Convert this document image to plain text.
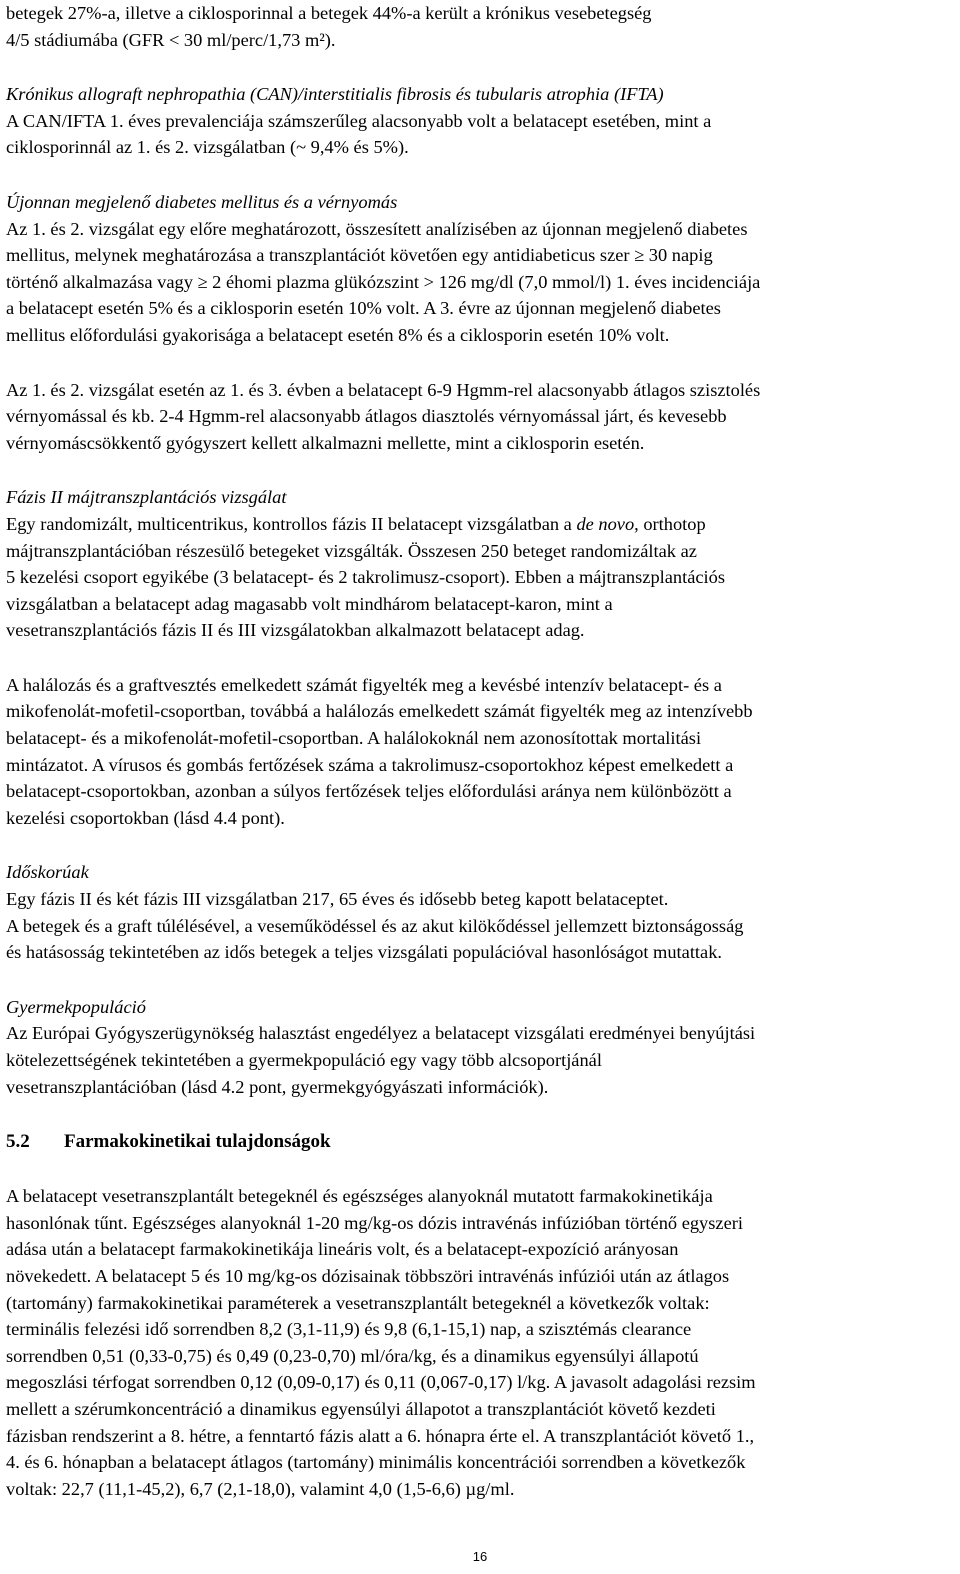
betegek 27%-a, illetve a ciklosporinnal a betegek 44%-a került a krónikus vesebetegség
4/5 stádiumába (GFR < 30 ml/perc/1,73 m²).

Krónikus allograft nephropathia (CAN)/interstitialis fibrosis és tubularis atrophia (IFTA)

A CAN/IFTA 1. éves prevalenciája számszerűleg alacsonyabb volt a belatacept esetében, mint a
ciklosporinnál az 1. és 2. vizsgálatban (~ 9,4% és 5%).

Újonnan megjelenő diabetes mellitus és a vérnyomás

Az 1. és 2. vizsgálat egy előre meghatározott, összesített analízisében az újonnan megjelenő diabetes
mellitus, melynek meghatározása a transzplantációt követően egy antidiabeticus szer ≥ 30 napig
történő alkalmazása vagy ≥ 2 éhomi plazma glükózszint > 126 mg/dl (7,0 mmol/l) 1. éves incidenciája
a belatacept esetén 5% és a ciklosporin esetén 10% volt. A 3. évre az újonnan megjelenő diabetes
mellitus előfordulási gyakorisága a belatacept esetén 8% és a ciklosporin esetén 10% volt.

Az 1. és 2. vizsgálat esetén az 1. és 3. évben a belatacept 6-9 Hgmm-rel alacsonyabb átlagos szisztolés
vérnyomással és kb. 2-4 Hgmm-rel alacsonyabb átlagos diasztolés vérnyomással járt, és kevesebb
vérnyomáscsökkentő gyógyszert kellett alkalmazni mellette, mint a ciklosporin esetén.

Fázis II májtranszplantációs vizsgálat

Egy randomizált, multicentrikus, kontrollos fázis II belatacept vizsgálatban a de novo, orthotop
májtranszplantációban részesülő betegeket vizsgálták. Összesen 250 beteget randomizáltak az
5 kezelési csoport egyikébe (3 belatacept- és 2 takrolimusz-csoport). Ebben a májtranszplantációs
vizsgálatban a belatacept adag magasabb volt mindhárom belatacept-karon, mint a
vesetranszplantációs fázis II és III vizsgálatokban alkalmazott belatacept adag.

A halálozás és a graftvesztés emelkedett számát figyelték meg a kevésbé intenzív belatacept- és a
mikofenolát-mofetil-csoportban, továbbá a halálozás emelkedett számát figyelték meg az intenzívebb
belatacept- és a mikofenolát-mofetil-csoportban. A halálokoknál nem azonosítottak mortalitási
mintázatot. A vírusos és gombás fertőzések száma a takrolimusz-csoportokhoz képest emelkedett a
belatacept-csoportokban, azonban a súlyos fertőzések teljes előfordulási aránya nem különbözött a
kezelési csoportokban (lásd 4.4 pont).

Időskorúak

Egy fázis II és két fázis III vizsgálatban 217, 65 éves és idősebb beteg kapott belataceptet.
A betegek és a graft túlélésével, a veseműködéssel és az akut kilökődéssel jellemzett biztonságosság
és hatásosság tekintetében az idős betegek a teljes vizsgálati populációval hasonlóságot mutattak.

Gyermekpopuláció

Az Európai Gyógyszerügynökség halasztást engedélyez a belatacept vizsgálati eredményei benyújtási
kötelezettségének tekintetében a gyermekpopuláció egy vagy több alcsoportjánál
vesetranszplantációban (lásd 4.2 pont, gyermekgyógyászati információk).

5.2 Farmakokinetikai tulajdonságok

A belatacept vesetranszplantált betegeknél és egészséges alanyoknál mutatott farmakokinetikája
hasonlónak tűnt. Egészséges alanyoknál 1-20 mg/kg-os dózis intravénás infúzióban történő egyszeri
adása után a belatacept farmakokinetikája lineáris volt, és a belatacept-expozíció arányosan
növekedett. A belatacept 5 és 10 mg/kg-os dózisainak többszöri intravénás infúziói után az átlagos
(tartomány) farmakokinetikai paraméterek a vesetranszplantált betegeknél a következők voltak:
terminális felezési idő sorrendben 8,2 (3,1-11,9) és 9,8 (6,1-15,1) nap, a szisztémás clearance
sorrendben 0,51 (0,33-0,75) és 0,49 (0,23-0,70) ml/óra/kg, és a dinamikus egyensúlyi állapotú
megoszlási térfogat sorrendben 0,12 (0,09-0,17) és 0,11 (0,067-0,17) l/kg. A javasolt adagolási rezsim
mellett a szérumkoncentráció a dinamikus egyensúlyi állapotot a transzplantációt követő kezdeti
fázisban rendszerint a 8. hétre, a fenntartó fázis alatt a 6. hónapra érte el. A transzplantációt követő 1.,
4. és 6. hónapban a belatacept átlagos (tartomány) minimális koncentrációi sorrendben a következők
voltak: 22,7 (11,1-45,2), 6,7 (2,1-18,0), valamint 4,0 (1,5-6,6) µg/ml.

16
